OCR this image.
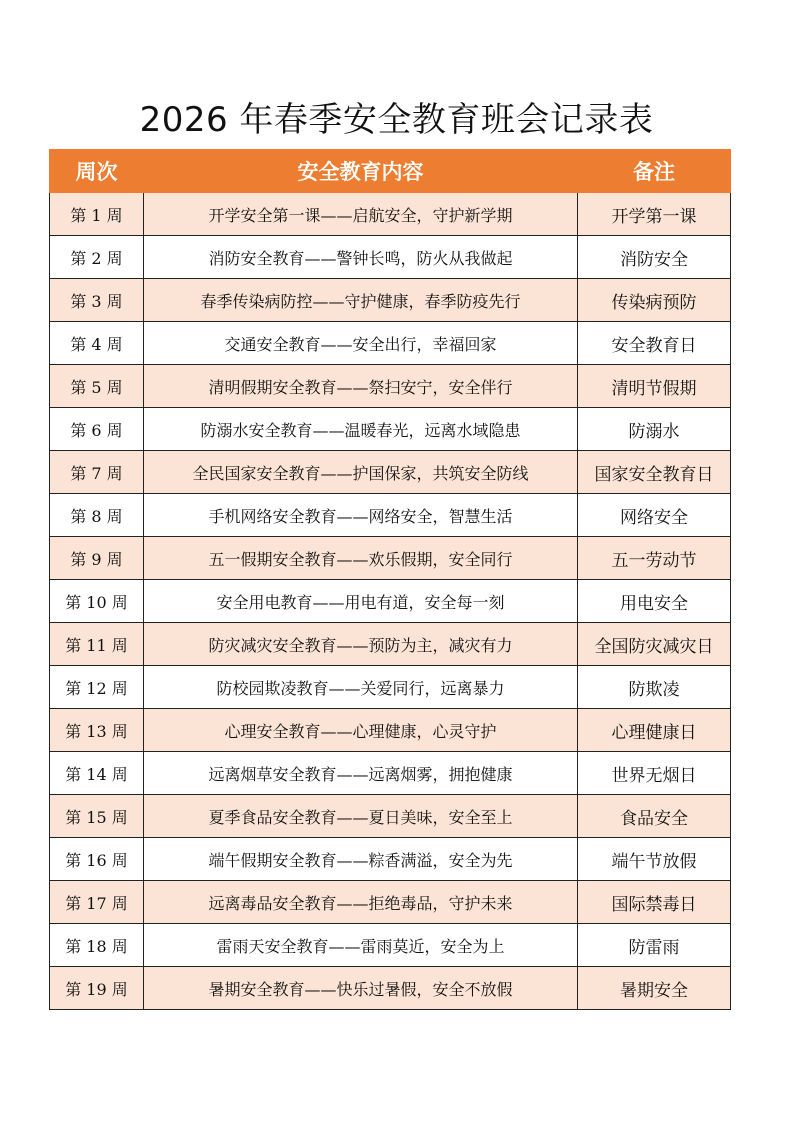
2026 年春季安全教育班会记录表
周次	安全教育内容	备注
第 1 周	开学安全第一课——启航安全，守护新学期	开学第一课
第 2 周	消防安全教育——警钟长鸣，防火从我做起	消防安全
第 3 周	春季传染病防控——守护健康，春季防疫先行	传染病预防
第 4 周	交通安全教育——安全出行，幸福回家	安全教育日
第 5 周	清明假期安全教育——祭扫安宁，安全伴行	清明节假期
第 6 周	防溺水安全教育——温暖春光，远离水域隐患	防溺水
第 7 周	全民国家安全教育——护国保家，共筑安全防线	国家安全教育日
第 8 周	手机网络安全教育——网络安全，智慧生活	网络安全
第 9 周	五一假期安全教育——欢乐假期，安全同行	五一劳动节
第 10 周	安全用电教育——用电有道，安全每一刻	用电安全
第 11 周	防灾减灾安全教育——预防为主，减灾有力	全国防灾减灾日
第 12 周	防校园欺凌教育——关爱同行，远离暴力	防欺凌
第 13 周	心理安全教育——心理健康，心灵守护	心理健康日
第 14 周	远离烟草安全教育——远离烟雾，拥抱健康	世界无烟日
第 15 周	夏季食品安全教育——夏日美味，安全至上	食品安全
第 16 周	端午假期安全教育——粽香满溢，安全为先	端午节放假
第 17 周	远离毒品安全教育——拒绝毒品，守护未来	国际禁毒日
第 18 周	雷雨天安全教育——雷雨莫近，安全为上	防雷雨
第 19 周	暑期安全教育——快乐过暑假，安全不放假	暑期安全
